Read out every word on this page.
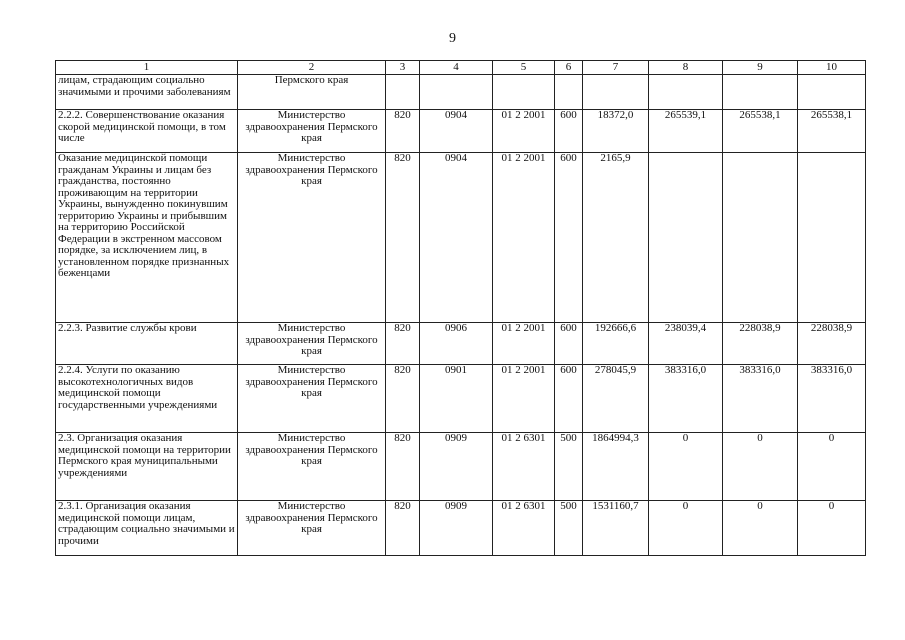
9
1	2	3	4	5	6	7	8	9	10
лицам, страдающим социально значимыми и прочими заболеваниям	Пермского края								
2.2.2. Совершенствование оказания скорой медицинской помощи, в том числе	Министерство здравоохранения Пермского края	820	0904	01 2 2001	600	18372,0	265539,1	265538,1	265538,1
Оказание медицинской помощи гражданам Украины и лицам без гражданства, постоянно проживающим на территории Украины, вынужденно покинувшим территорию Украины и прибывшим на территорию Российской Федерации в экстренном массовом порядке, за исключением лиц, в установленном порядке признанных беженцами	Министерство здравоохранения Пермского края	820	0904	01 2 2001	600	2165,9			
2.2.3. Развитие службы крови	Министерство здравоохранения Пермского края	820	0906	01 2 2001	600	192666,6	238039,4	228038,9	228038,9
2.2.4. Услуги по оказанию высокотехнологичных видов медицинской помощи государственными учреждениями	Министерство здравоохранения Пермского края	820	0901	01 2 2001	600	278045,9	383316,0	383316,0	383316,0
2.3. Организация оказания медицинской помощи на территории Пермского края муниципальными учреждениями	Министерство здравоохранения Пермского края	820	0909	01 2 6301	500	1864994,3	0	0	0
2.3.1. Организация оказания медицинской помощи лицам, страдающим социально значимыми и прочими	Министерство здравоохранения Пермского края	820	0909	01 2 6301	500	1531160,7	0	0	0
